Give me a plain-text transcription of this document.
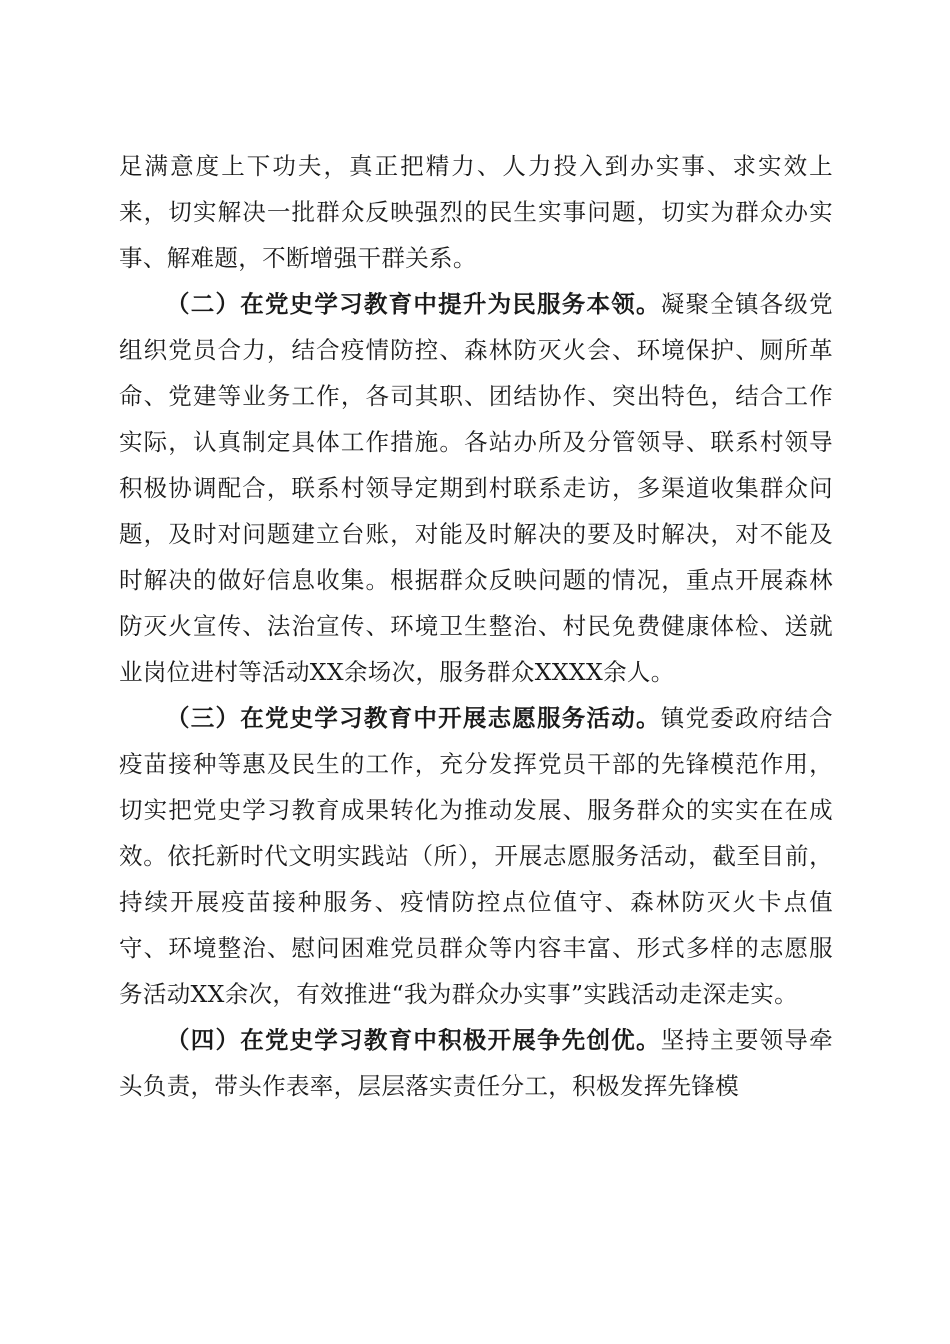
足满意度上下功夫，真正把精力、人力投入到办实事、求实效上来，切实解决一批群众反映强烈的民生实事问题，切实为群众办实事、解难题，不断增强干群关系。

（二）在党史学习教育中提升为民服务本领。凝聚全镇各级党组织党员合力，结合疫情防控、森林防灭火会、环境保护、厕所革命、党建等业务工作，各司其职、团结协作、突出特色，结合工作实际，认真制定具体工作措施。各站办所及分管领导、联系村领导积极协调配合，联系村领导定期到村联系走访，多渠道收集群众问题，及时对问题建立台账，对能及时解决的要及时解决，对不能及时解决的做好信息收集。根据群众反映问题的情况，重点开展森林防灭火宣传、法治宣传、环境卫生整治、村民免费健康体检、送就业岗位进村等活动XX余场次，服务群众XXXX余人。

（三）在党史学习教育中开展志愿服务活动。镇党委政府结合疫苗接种等惠及民生的工作，充分发挥党员干部的先锋模范作用，切实把党史学习教育成果转化为推动发展、服务群众的实实在在成效。依托新时代文明实践站（所），开展志愿服务活动，截至目前，持续开展疫苗接种服务、疫情防控点位值守、森林防灭火卡点值守、环境整治、慰问困难党员群众等内容丰富、形式多样的志愿服务活动XX余次，有效推进“我为群众办实事”实践活动走深走实。

（四）在党史学习教育中积极开展争先创优。坚持主要领导牵头负责，带头作表率，层层落实责任分工，积极发挥先锋模
